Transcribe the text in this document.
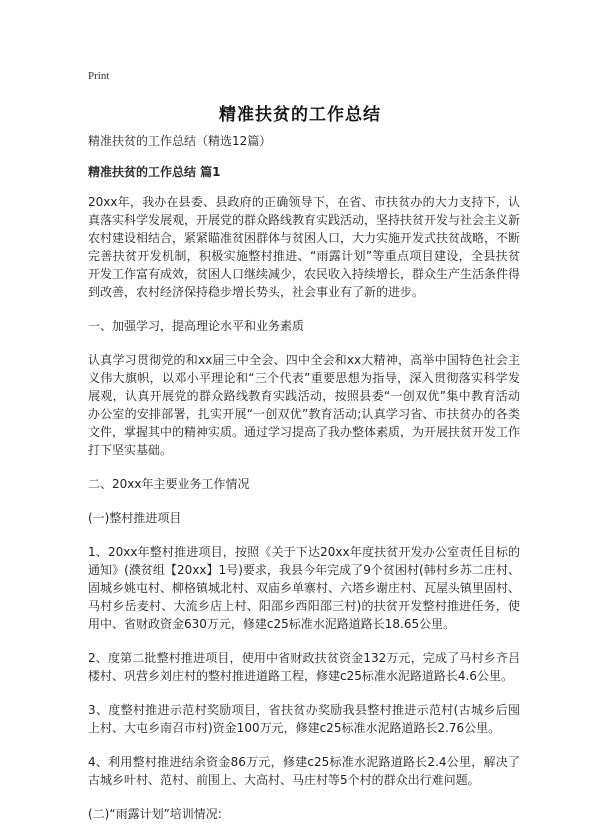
Print
精准扶贫的工作总结

精准扶贫的工作总结（精选12篇）

精准扶贫的工作总结 篇1

20xx年，我办在县委、县政府的正确领导下，在省、市扶贫办的大力支持下，认真落实科学发展观，开展党的群众路线教育实践活动，坚持扶贫开发与社会主义新农村建设相结合，紧紧瞄准贫困群体与贫困人口，大力实施开发式扶贫战略，不断完善扶贫开发机制，积极实施整村推进、“雨露计划”等重点项目建设，全县扶贫开发工作富有成效，贫困人口继续减少，农民收入持续增长，群众生产生活条件得到改善，农村经济保持稳步增长势头，社会事业有了新的进步。

一、加强学习，提高理论水平和业务素质

认真学习贯彻党的和xx届三中全会、四中全会和xx大精神，高举中国特色社会主义伟大旗帜，以邓小平理论和“三个代表”重要思想为指导，深入贯彻落实科学发展观，认真开展党的群众路线教育实践活动，按照县委“一创双优”集中教育活动办公室的安排部署，扎实开展“一创双优”教育活动;认真学习省、市扶贫办的各类文件，掌握其中的精神实质。通过学习提高了我办整体素质，为开展扶贫开发工作打下坚实基础。

二、20xx年主要业务工作情况

(一)整村推进项目

1、20xx年整村推进项目，按照《关于下达20xx年度扶贫开发办公室责任目标的通知》(濮贫组【20xx】1号)要求，我县今年完成了9个贫困村(韩村乡苏二庄村、固城乡姚屯村、柳格镇城北村、双庙乡单寨村、六塔乡谢庄村、瓦屋头镇里固村、马村乡岳麦村、大流乡店上村、阳邵乡西阳邵三村)的扶贫开发整村推进任务，使用中、省财政资金630万元，修建c25标准水泥路道路长18.65公里。

2、度第二批整村推进项目，使用中省财政扶贫资金132万元，完成了马村乡齐吕楼村、巩营乡刘庄村的整村推进道路工程，修建c25标准水泥路道路长4.6公里。

3、度整村推进示范村奖励项目，省扶贫办奖励我县整村推进示范村(古城乡后囤上村、大屯乡南召市村)资金100万元，修建c25标准水泥路道路长2.76公里。

4、利用整村推进结余资金86万元，修建c25标准水泥路道路长2.4公里，解决了古城乡叶村、范村、前围上、大高村、马庄村等5个村的群众出行难问题。

(二)“雨露计划”培训情况:
